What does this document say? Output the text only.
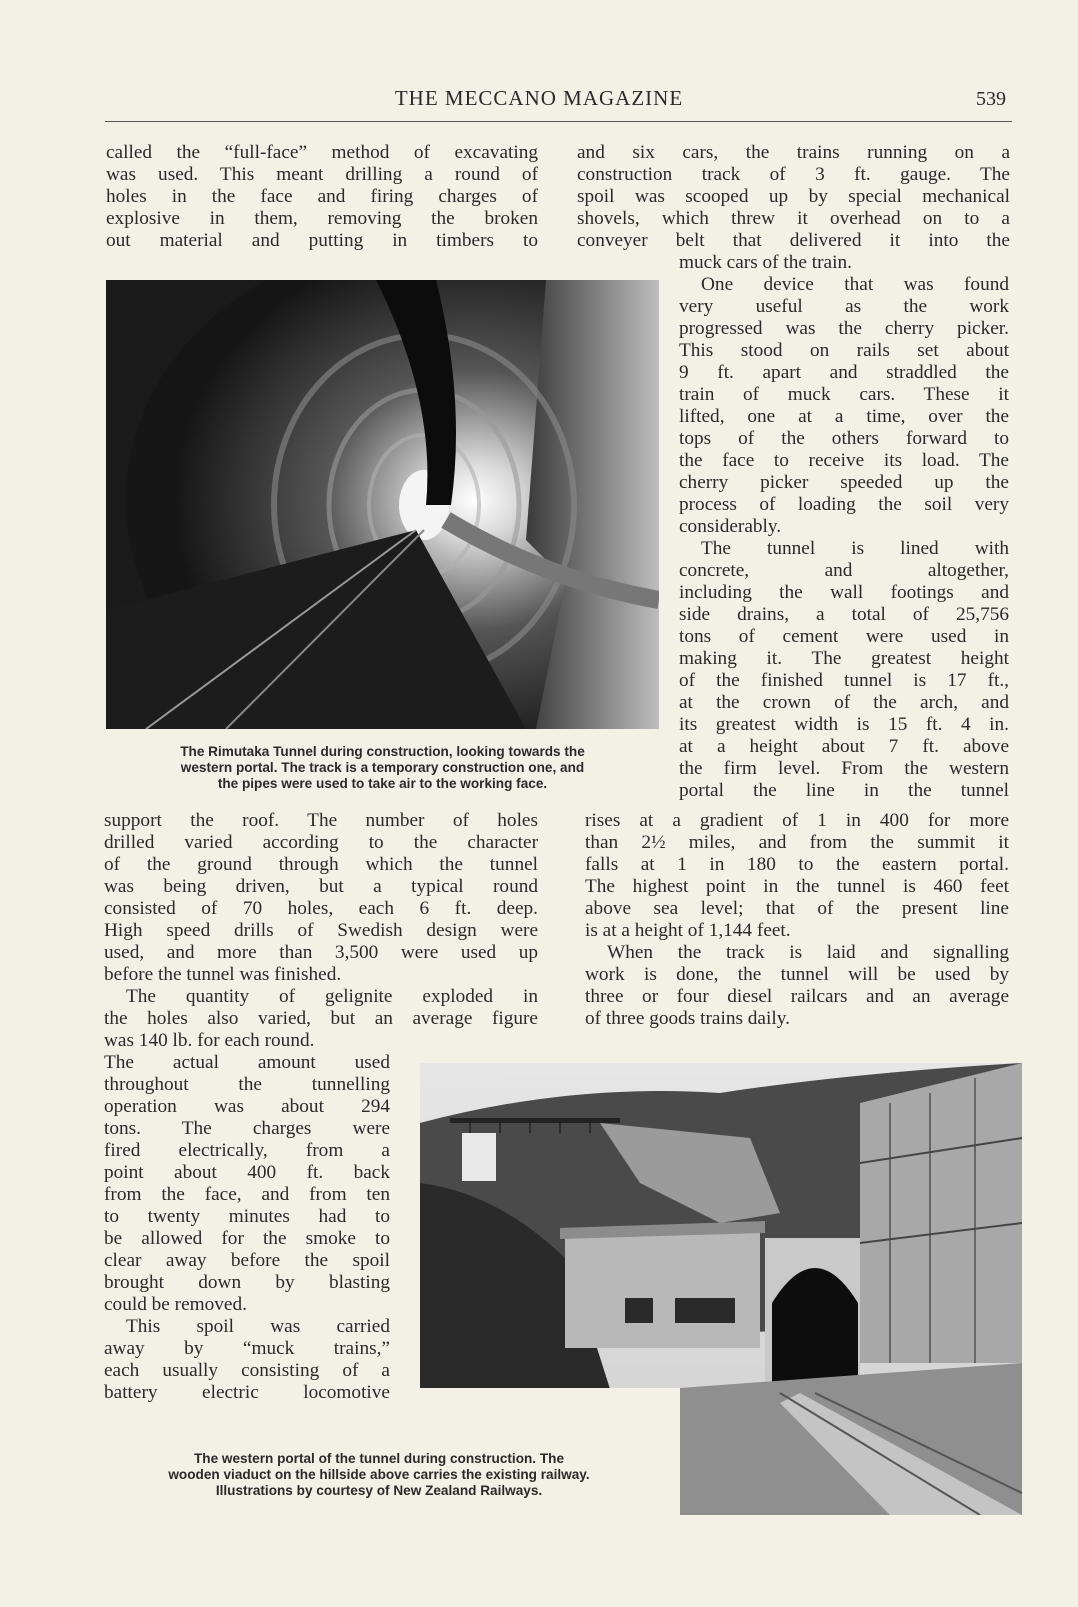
THE MECCANO MAGAZINE	539

called the “full-face” method of excavating

was used. This meant drilling a round of

holes in the face and firing charges of

explosive in them, removing the broken

out material and putting in timbers to

and six cars, the trains running on a

construction track of 3 ft. gauge. The

spoil was scooped up by special mechanical

shovels, which threw it overhead on to a

conveyer belt that delivered it into the

muck cars of the train.

One device that was found

very useful as the work

progressed was the cherry picker.

This stood on rails set about

9 ft. apart and straddled the

train of muck cars. These it

lifted, one at a time, over the

tops of the others forward to

the face to receive its load. The

cherry picker speeded up the

process of loading the soil very

considerably.

The tunnel is lined with

concrete, and altogether,

including the wall footings and

side drains, a total of 25,756

tons of cement were used in

making it. The greatest height

of the finished tunnel is 17 ft.,

at the crown of the arch, and

its greatest width is 15 ft. 4 in.

at a height about 7 ft. above

the firm level. From the western

portal the line in the tunnel

The Rimutaka Tunnel during construction, looking towards the

western portal. The track is a temporary construction one, and

the pipes were used to take air to the working face.

support the roof. The number of holes

drilled varied according to the character

of the ground through which the tunnel

was being driven, but a typical round

consisted of 70 holes, each 6 ft. deep.

High speed drills of Swedish design were

used, and more than 3,500 were used up

before the tunnel was finished.

The quantity of gelignite exploded in

the holes also varied, but an average figure

rises at a gradient of 1 in 400 for more

than 2½ miles, and from the summit it

falls at 1 in 180 to the eastern portal.

The highest point in the tunnel is 460 feet

above sea level; that of the present line

is at a height of 1,144 feet.

When the track is laid and signalling

work is done, the tunnel will be used by

three or four diesel railcars and an average

of three goods trains daily.

was 140 lb. for each round.

The actual amount used

throughout the tunnelling

operation was about 294

tons. The charges were

fired electrically, from a

point about 400 ft. back

from the face, and from ten

to twenty minutes had to

be allowed for the smoke to

clear away before the spoil

brought down by blasting

could be removed.

This spoil was carried

away by “muck trains,”

each usually consisting of a

battery electric locomotive

The western portal of the tunnel during construction. The

wooden viaduct on the hillside above carries the existing railway.

Illustrations by courtesy of New Zealand Railways.
